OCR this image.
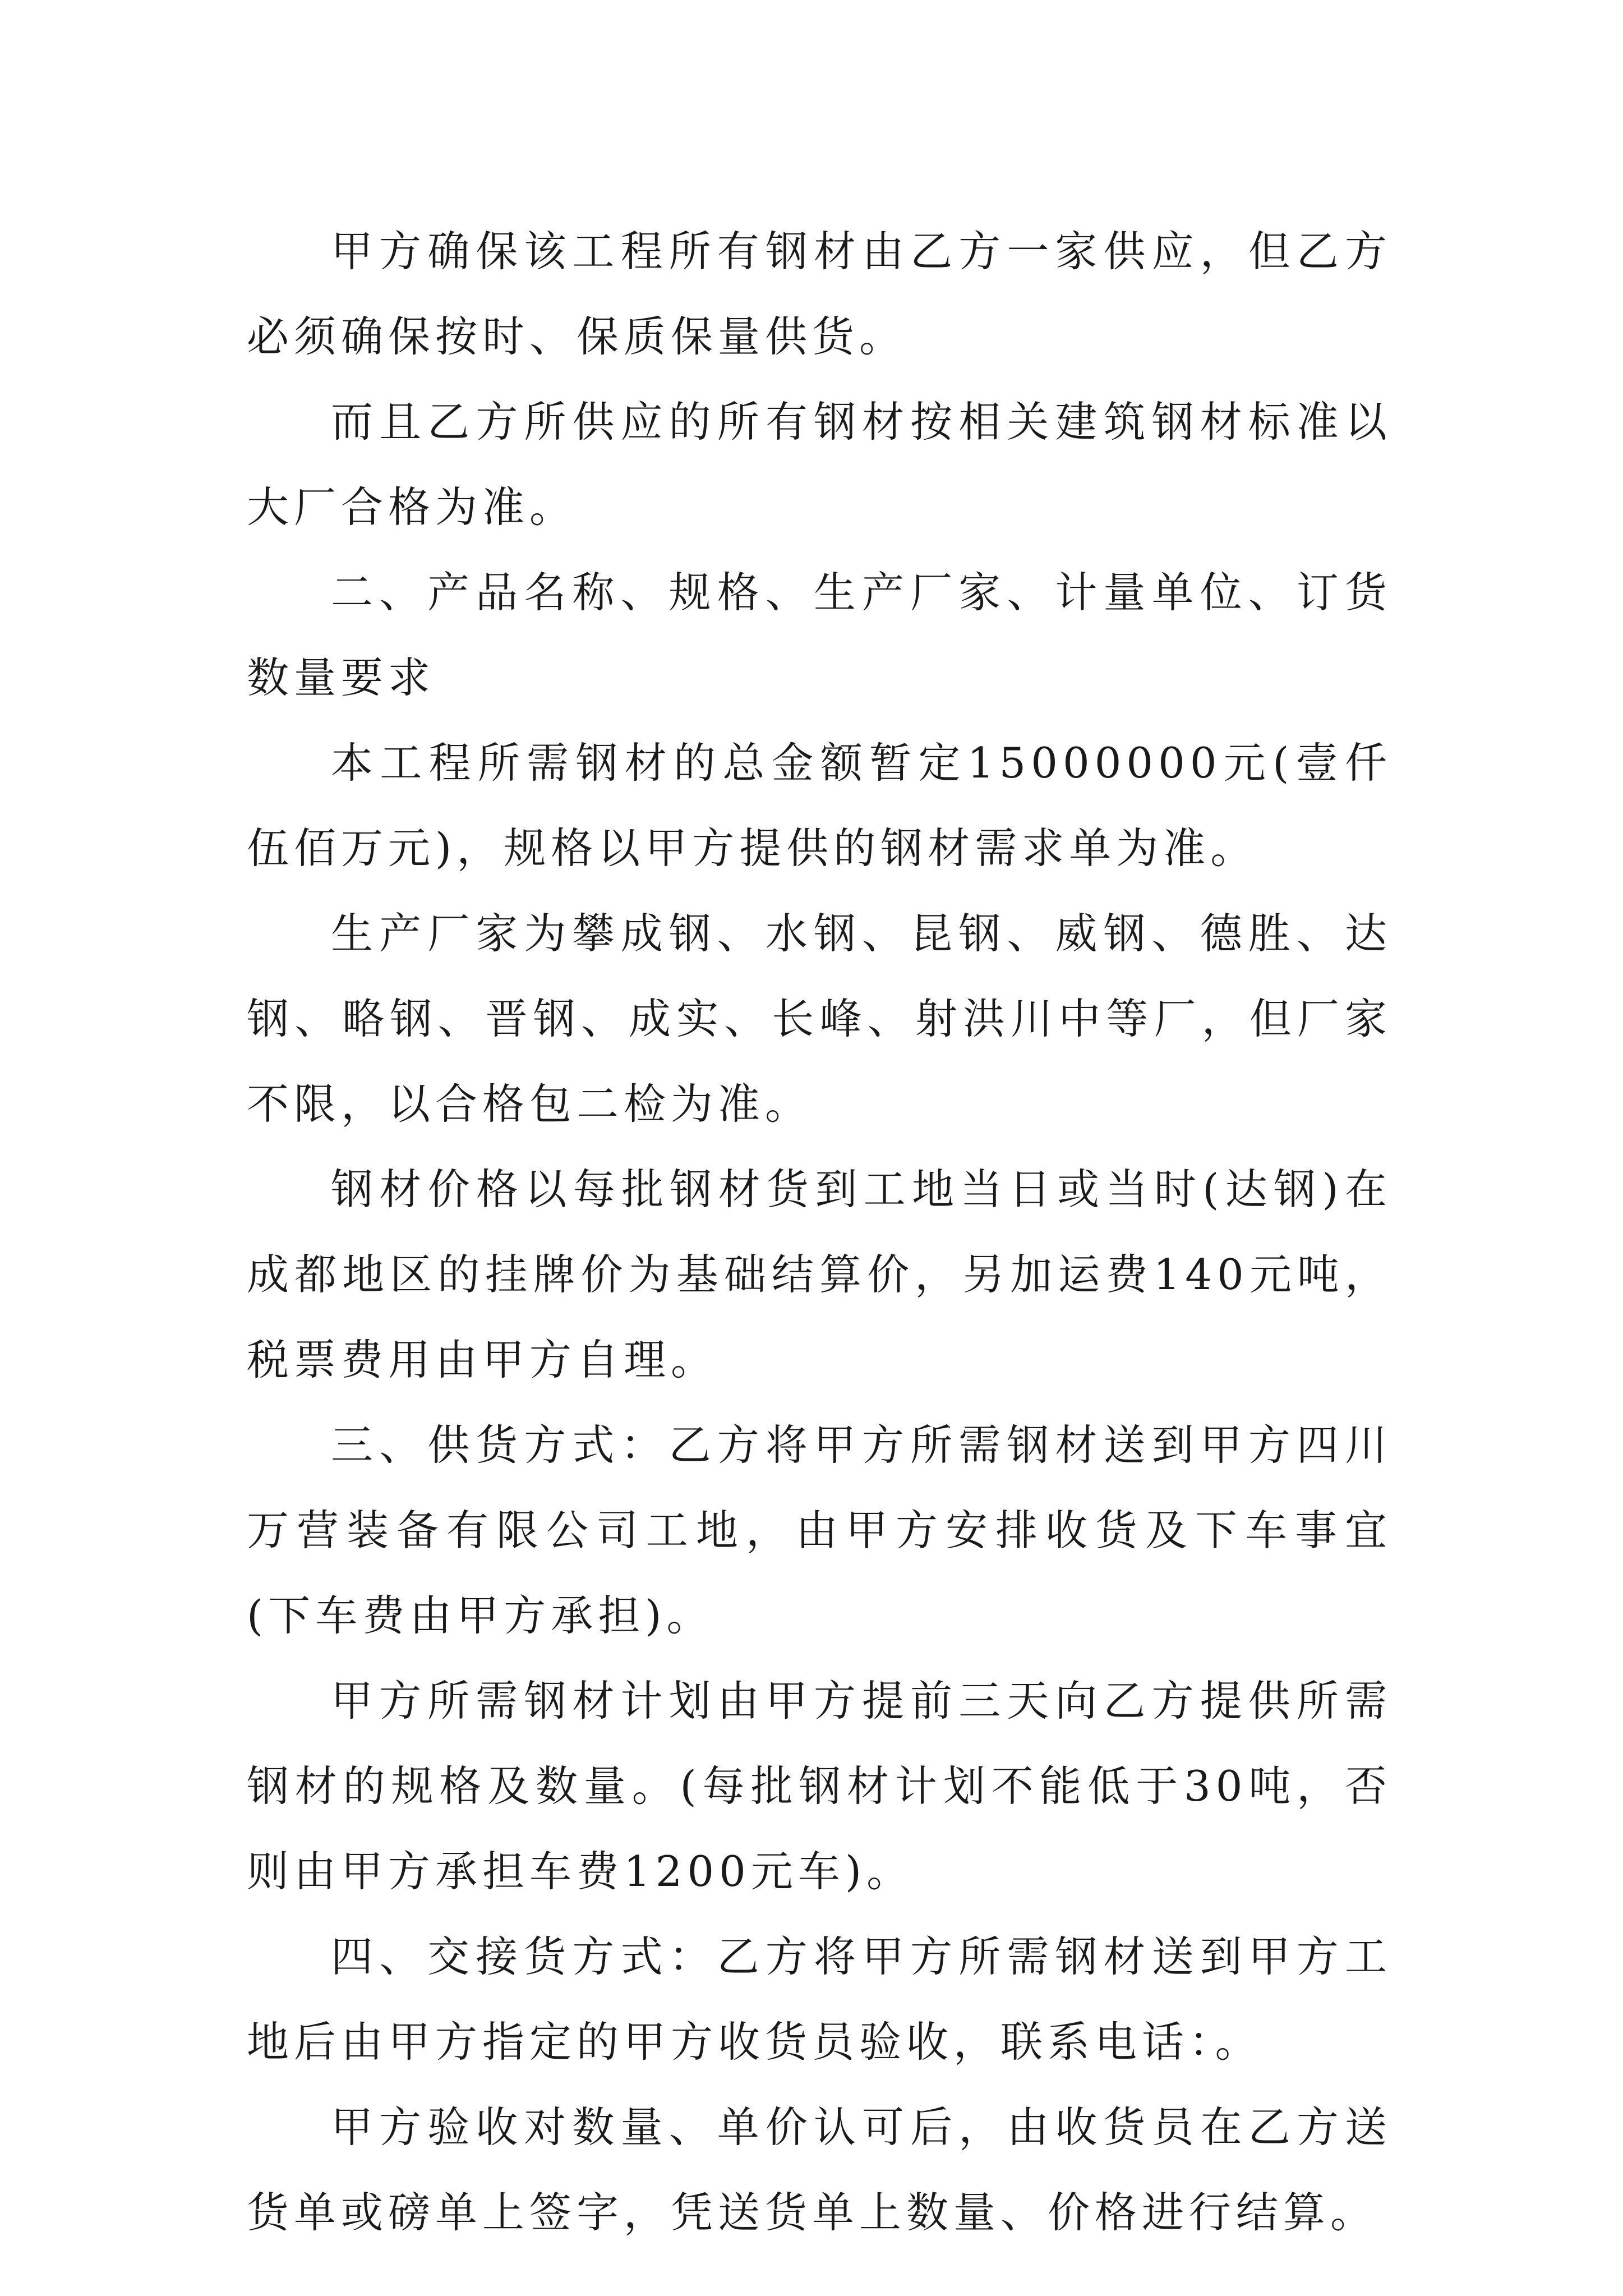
甲方确保该工程所有钢材由乙方一家供应，但乙方必须确保按时、保质保量供货。

而且乙方所供应的所有钢材按相关建筑钢材标准以大厂合格为准。

二、产品名称、规格、生产厂家、计量单位、订货数量要求

本工程所需钢材的总金额暂定15000000元(壹仟伍佰万元)，规格以甲方提供的钢材需求单为准。

生产厂家为攀成钢、水钢、昆钢、威钢、德胜、达钢、略钢、晋钢、成实、长峰、射洪川中等厂，但厂家不限，以合格包二检为准。

钢材价格以每批钢材货到工地当日或当时(达钢)在成都地区的挂牌价为基础结算价，另加运费140元吨，税票费用由甲方自理。

三、供货方式：乙方将甲方所需钢材送到甲方四川万营装备有限公司工地，由甲方安排收货及下车事宜(下车费由甲方承担)。

甲方所需钢材计划由甲方提前三天向乙方提供所需钢材的规格及数量。(每批钢材计划不能低于30吨，否则由甲方承担车费1200元车)。

四、交接货方式：乙方将甲方所需钢材送到甲方工地后由甲方指定的甲方收货员验收，联系电话：。

甲方验收对数量、单价认可后，由收货员在乙方送货单或磅单上签字，凭送货单上数量、价格进行结算。
